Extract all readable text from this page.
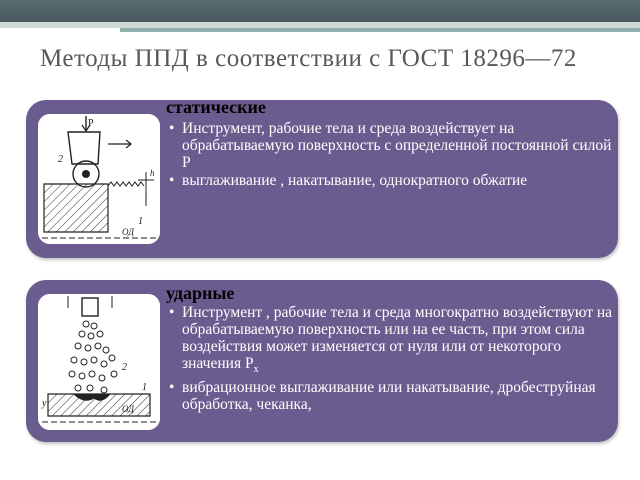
Методы ППД в соответствии с ГОСТ 18296—72
Р
2
1
h
ОД
статические
• Инструмент, рабочие тела и среда воздействует на обрабатываемую поверхность с определенной постоянной силой Р
• выглаживание , накатывание, однократного обжатие
2
y
1
ОД
ударные
• Инструмент , рабочие тела и среда многократно воздействуют на обрабатываемую поверхность или на ее часть, при этом сила воздействия может изменяется от нуля или от некоторого значения $Р_x$
• вибрационное выглаживание или накатывание, дробеструйная обработка, чеканка,
